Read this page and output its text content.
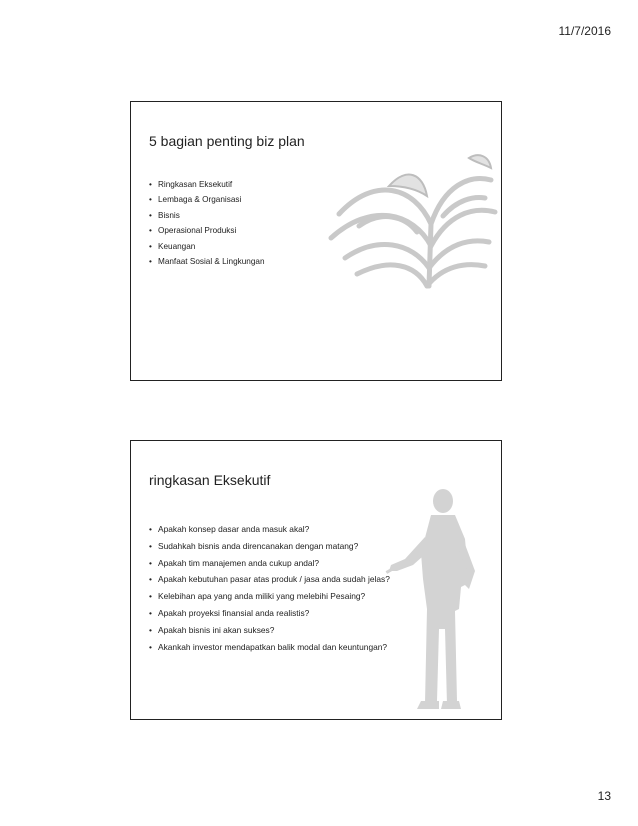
11/7/2016
5 bagian penting biz plan
• Ringkasan Eksekutif
• Lembaga & Organisasi
• Bisnis
• Operasional Produksi
• Keuangan
• Manfaat Sosial & Lingkungan
ringkasan Eksekutif
• Apakah konsep dasar anda masuk akal?
• Sudahkah bisnis anda direncanakan dengan matang?
• Apakah tim manajemen anda cukup andal?
• Apakah kebutuhan pasar atas produk / jasa anda sudah jelas?
• Kelebihan apa yang anda miliki yang melebihi Pesaing?
• Apakah proyeksi finansial anda realistis?
• Apakah bisnis ini akan sukses?
• Akankah investor mendapatkan balik modal dan keuntungan?
13
